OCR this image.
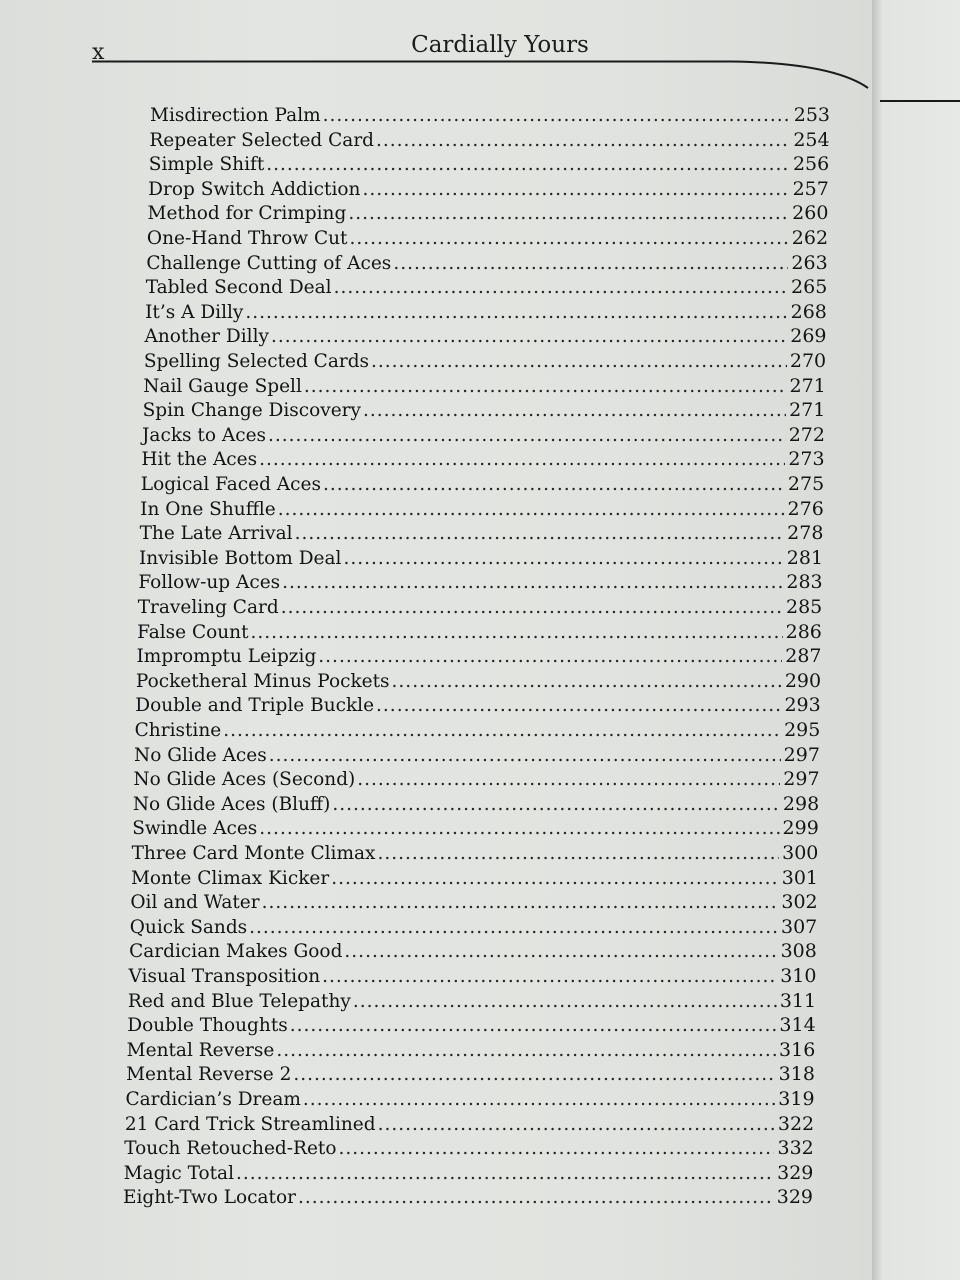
x	Cardially Yours
Misdirection Palm .....	253
Repeater Selected Card .....	254
Simple Shift .....	256
Drop Switch Addiction .....	257
Method for Crimping .....	260
One-Hand Throw Cut .....	262
Challenge Cutting of Aces .....	263
Tabled Second Deal .....	265
It’s A Dilly .....	268
Another Dilly .....	269
Spelling Selected Cards .....	270
Nail Gauge Spell .....	271
Spin Change Discovery .....	271
Jacks to Aces .....	272
Hit the Aces .....	273
Logical Faced Aces .....	275
In One Shuffle .....	276
The Late Arrival .....	278
Invisible Bottom Deal .....	281
Follow-up Aces .....	283
Traveling Card .....	285
False Count .....	286
Impromptu Leipzig .....	287
Pocketheral Minus Pockets .....	290
Double and Triple Buckle .....	293
Christine .....	295
No Glide Aces .....	297
No Glide Aces (Second) .....	297
No Glide Aces (Bluff) .....	298
Swindle Aces .....	299
Three Card Monte Climax .....	300
Monte Climax Kicker .....	301
Oil and Water .....	302
Quick Sands .....	307
Cardician Makes Good .....	308
Visual Transposition .....	310
Red and Blue Telepathy .....	311
Double Thoughts .....	314
Mental Reverse .....	316
Mental Reverse 2 .....	318
Cardician’s Dream .....	319
21 Card Trick Streamlined .....	322
Touch Retouched-Reto .....	332
Magic Total .....	329
Eight-Two Locator .....	329
